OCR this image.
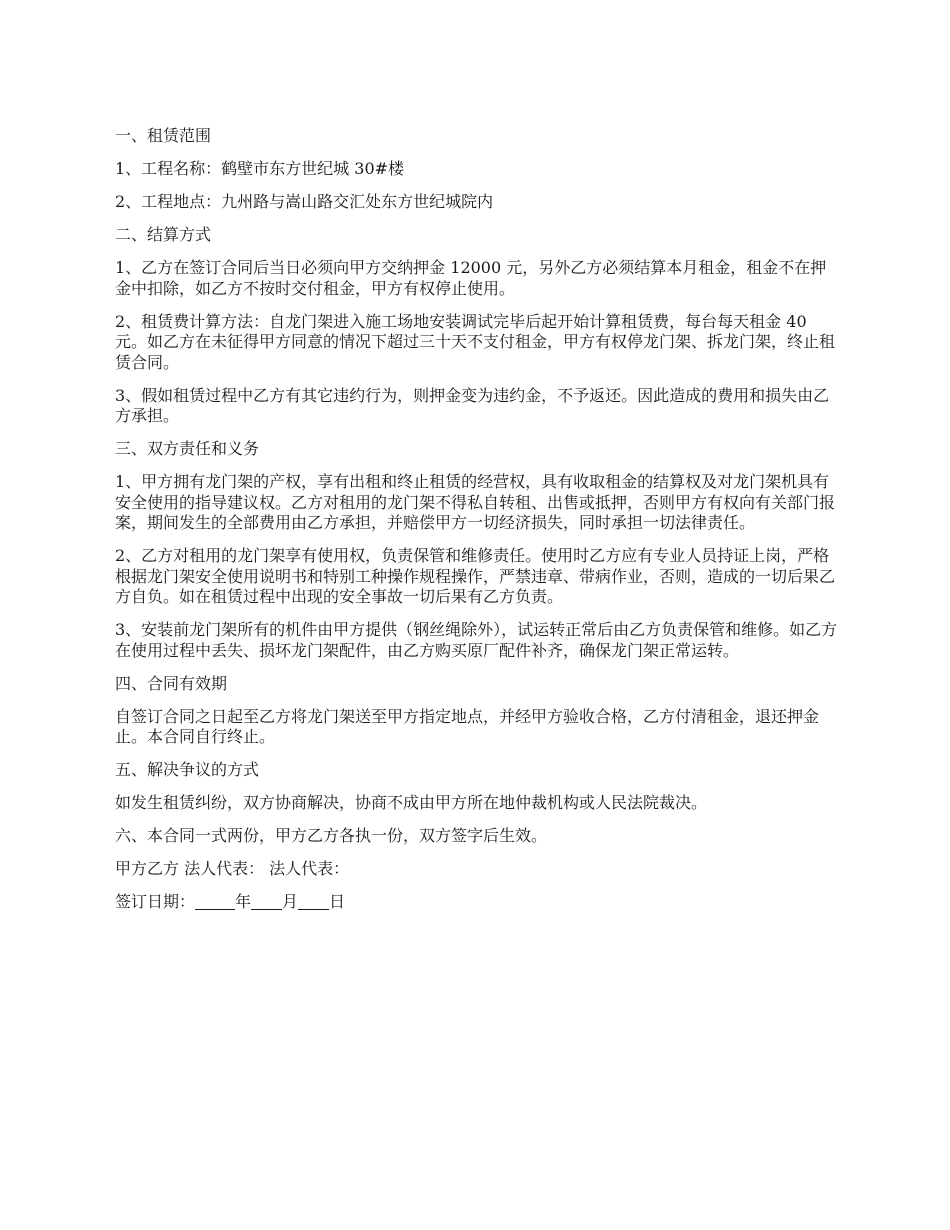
一、租赁范围

1、工程名称：鹤壁市东方世纪城 30#楼

2、工程地点：九州路与嵩山路交汇处东方世纪城院内

二、结算方式

1、乙方在签订合同后当日必须向甲方交纳押金 12000 元，另外乙方必须结算本月租金，租金不在押金中扣除，如乙方不按时交付租金，甲方有权停止使用。

2、租赁费计算方法：自龙门架进入施工场地安装调试完毕后起开始计算租赁费，每台每天租金 40 元。如乙方在未征得甲方同意的情况下超过三十天不支付租金，甲方有权停龙门架、拆龙门架，终止租赁合同。

3、假如租赁过程中乙方有其它违约行为，则押金变为违约金，不予返还。因此造成的费用和损失由乙方承担。

三、双方责任和义务

1、甲方拥有龙门架的产权，享有出租和终止租赁的经营权，具有收取租金的结算权及对龙门架机具有安全使用的指导建议权。乙方对租用的龙门架不得私自转租、出售或抵押，否则甲方有权向有关部门报案，期间发生的全部费用由乙方承担，并赔偿甲方一切经济损失，同时承担一切法律责任。

2、乙方对租用的龙门架享有使用权，负责保管和维修责任。使用时乙方应有专业人员持证上岗，严格根据龙门架安全使用说明书和特别工种操作规程操作，严禁违章、带病作业，否则，造成的一切后果乙方自负。如在租赁过程中出现的安全事故一切后果有乙方负责。

3、安装前龙门架所有的机件由甲方提供（钢丝绳除外），试运转正常后由乙方负责保管和维修。如乙方在使用过程中丢失、损坏龙门架配件，由乙方购买原厂配件补齐，确保龙门架正常运转。

四、合同有效期

自签订合同之日起至乙方将龙门架送至甲方指定地点，并经甲方验收合格，乙方付清租金，退还押金止。本合同自行终止。

五、解决争议的方式

如发生租赁纠纷，双方协商解决，协商不成由甲方所在地仲裁机构或人民法院裁决。

六、本合同一式两份，甲方乙方各执一份，双方签字后生效。

甲方乙方 法人代表： 法人代表：

签订日期：	年 月 日
